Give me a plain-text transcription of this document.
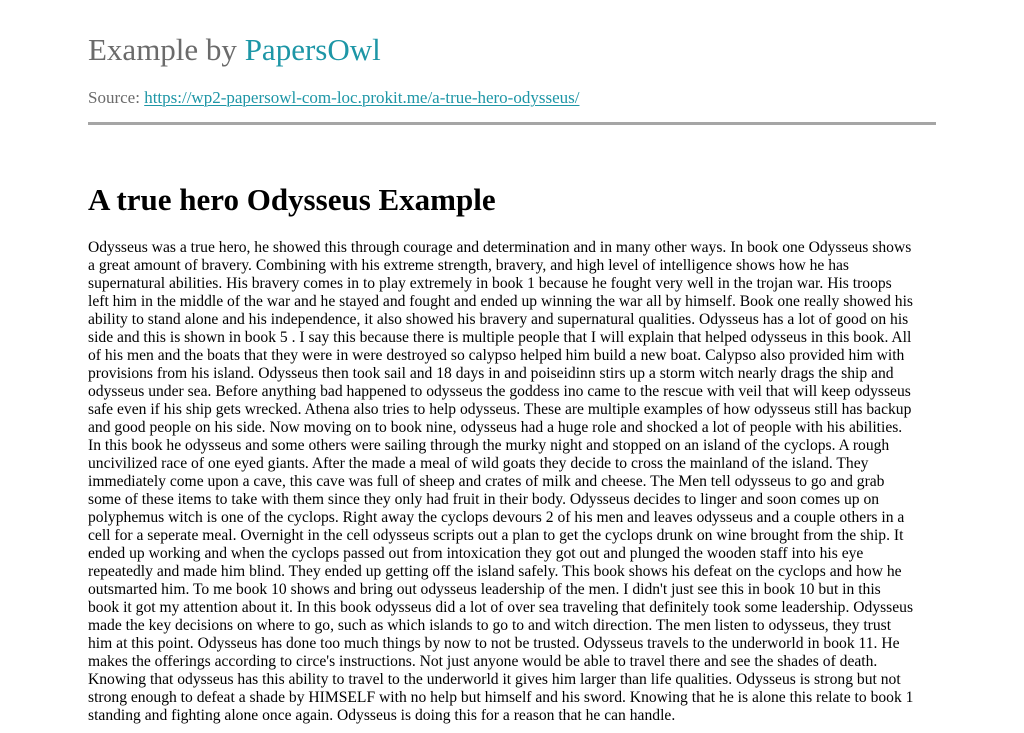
Example by PapersOwl
Source: https://wp2-papersowl-com-loc.prokit.me/a-true-hero-odysseus/
A true hero Odysseus Example
Odysseus was a true hero, he showed this through courage and determination and in many other ways. In book one Odysseus shows
a great amount of bravery. Combining with his extreme strength, bravery, and high level of intelligence shows how he has
supernatural abilities. His bravery comes in to play extremely in book 1 because he fought very well in the trojan war. His troops
left him in the middle of the war and he stayed and fought and ended up winning the war all by himself. Book one really showed his
ability to stand alone and his independence, it also showed his bravery and supernatural qualities. Odysseus has a lot of good on his
side and this is shown in book 5 . I say this because there is multiple people that I will explain that helped odysseus in this book. All
of his men and the boats that they were in were destroyed so calypso helped him build a new boat. Calypso also provided him with
provisions from his island. Odysseus then took sail and 18 days in and poiseidinn stirs up a storm witch nearly drags the ship and
odysseus under sea. Before anything bad happened to odysseus the goddess ino came to the rescue with veil that will keep odysseus
safe even if his ship gets wrecked. Athena also tries to help odysseus. These are multiple examples of how odysseus still has backup
and good people on his side. Now moving on to book nine, odysseus had a huge role and shocked a lot of people with his abilities.
In this book he odysseus and some others were sailing through the murky night and stopped on an island of the cyclops. A rough
uncivilized race of one eyed giants. After the made a meal of wild goats they decide to cross the mainland of the island. They
immediately come upon a cave, this cave was full of sheep and crates of milk and cheese. The Men tell odysseus to go and grab
some of these items to take with them since they only had fruit in their body. Odysseus decides to linger and soon comes up on
polyphemus witch is one of the cyclops. Right away the cyclops devours 2 of his men and leaves odysseus and a couple others in a
cell for a seperate meal. Overnight in the cell odysseus scripts out a plan to get the cyclops drunk on wine brought from the ship. It
ended up working and when the cyclops passed out from intoxication they got out and plunged the wooden staff into his eye
repeatedly and made him blind. They ended up getting off the island safely. This book shows his defeat on the cyclops and how he
outsmarted him. To me book 10 shows and bring out odysseus leadership of the men. I didn't just see this in book 10 but in this
book it got my attention about it. In this book odysseus did a lot of over sea traveling that definitely took some leadership. Odysseus
made the key decisions on where to go, such as which islands to go to and witch direction. The men listen to odysseus, they trust
him at this point. Odysseus has done too much things by now to not be trusted. Odysseus travels to the underworld in book 11. He
makes the offerings according to circe's instructions. Not just anyone would be able to travel there and see the shades of death.
Knowing that odysseus has this ability to travel to the underworld it gives him larger than life qualities. Odysseus is strong but not
strong enough to defeat a shade by HIMSELF with no help but himself and his sword. Knowing that he is alone this relate to book 1
standing and fighting alone once again. Odysseus is doing this for a reason that he can handle.
